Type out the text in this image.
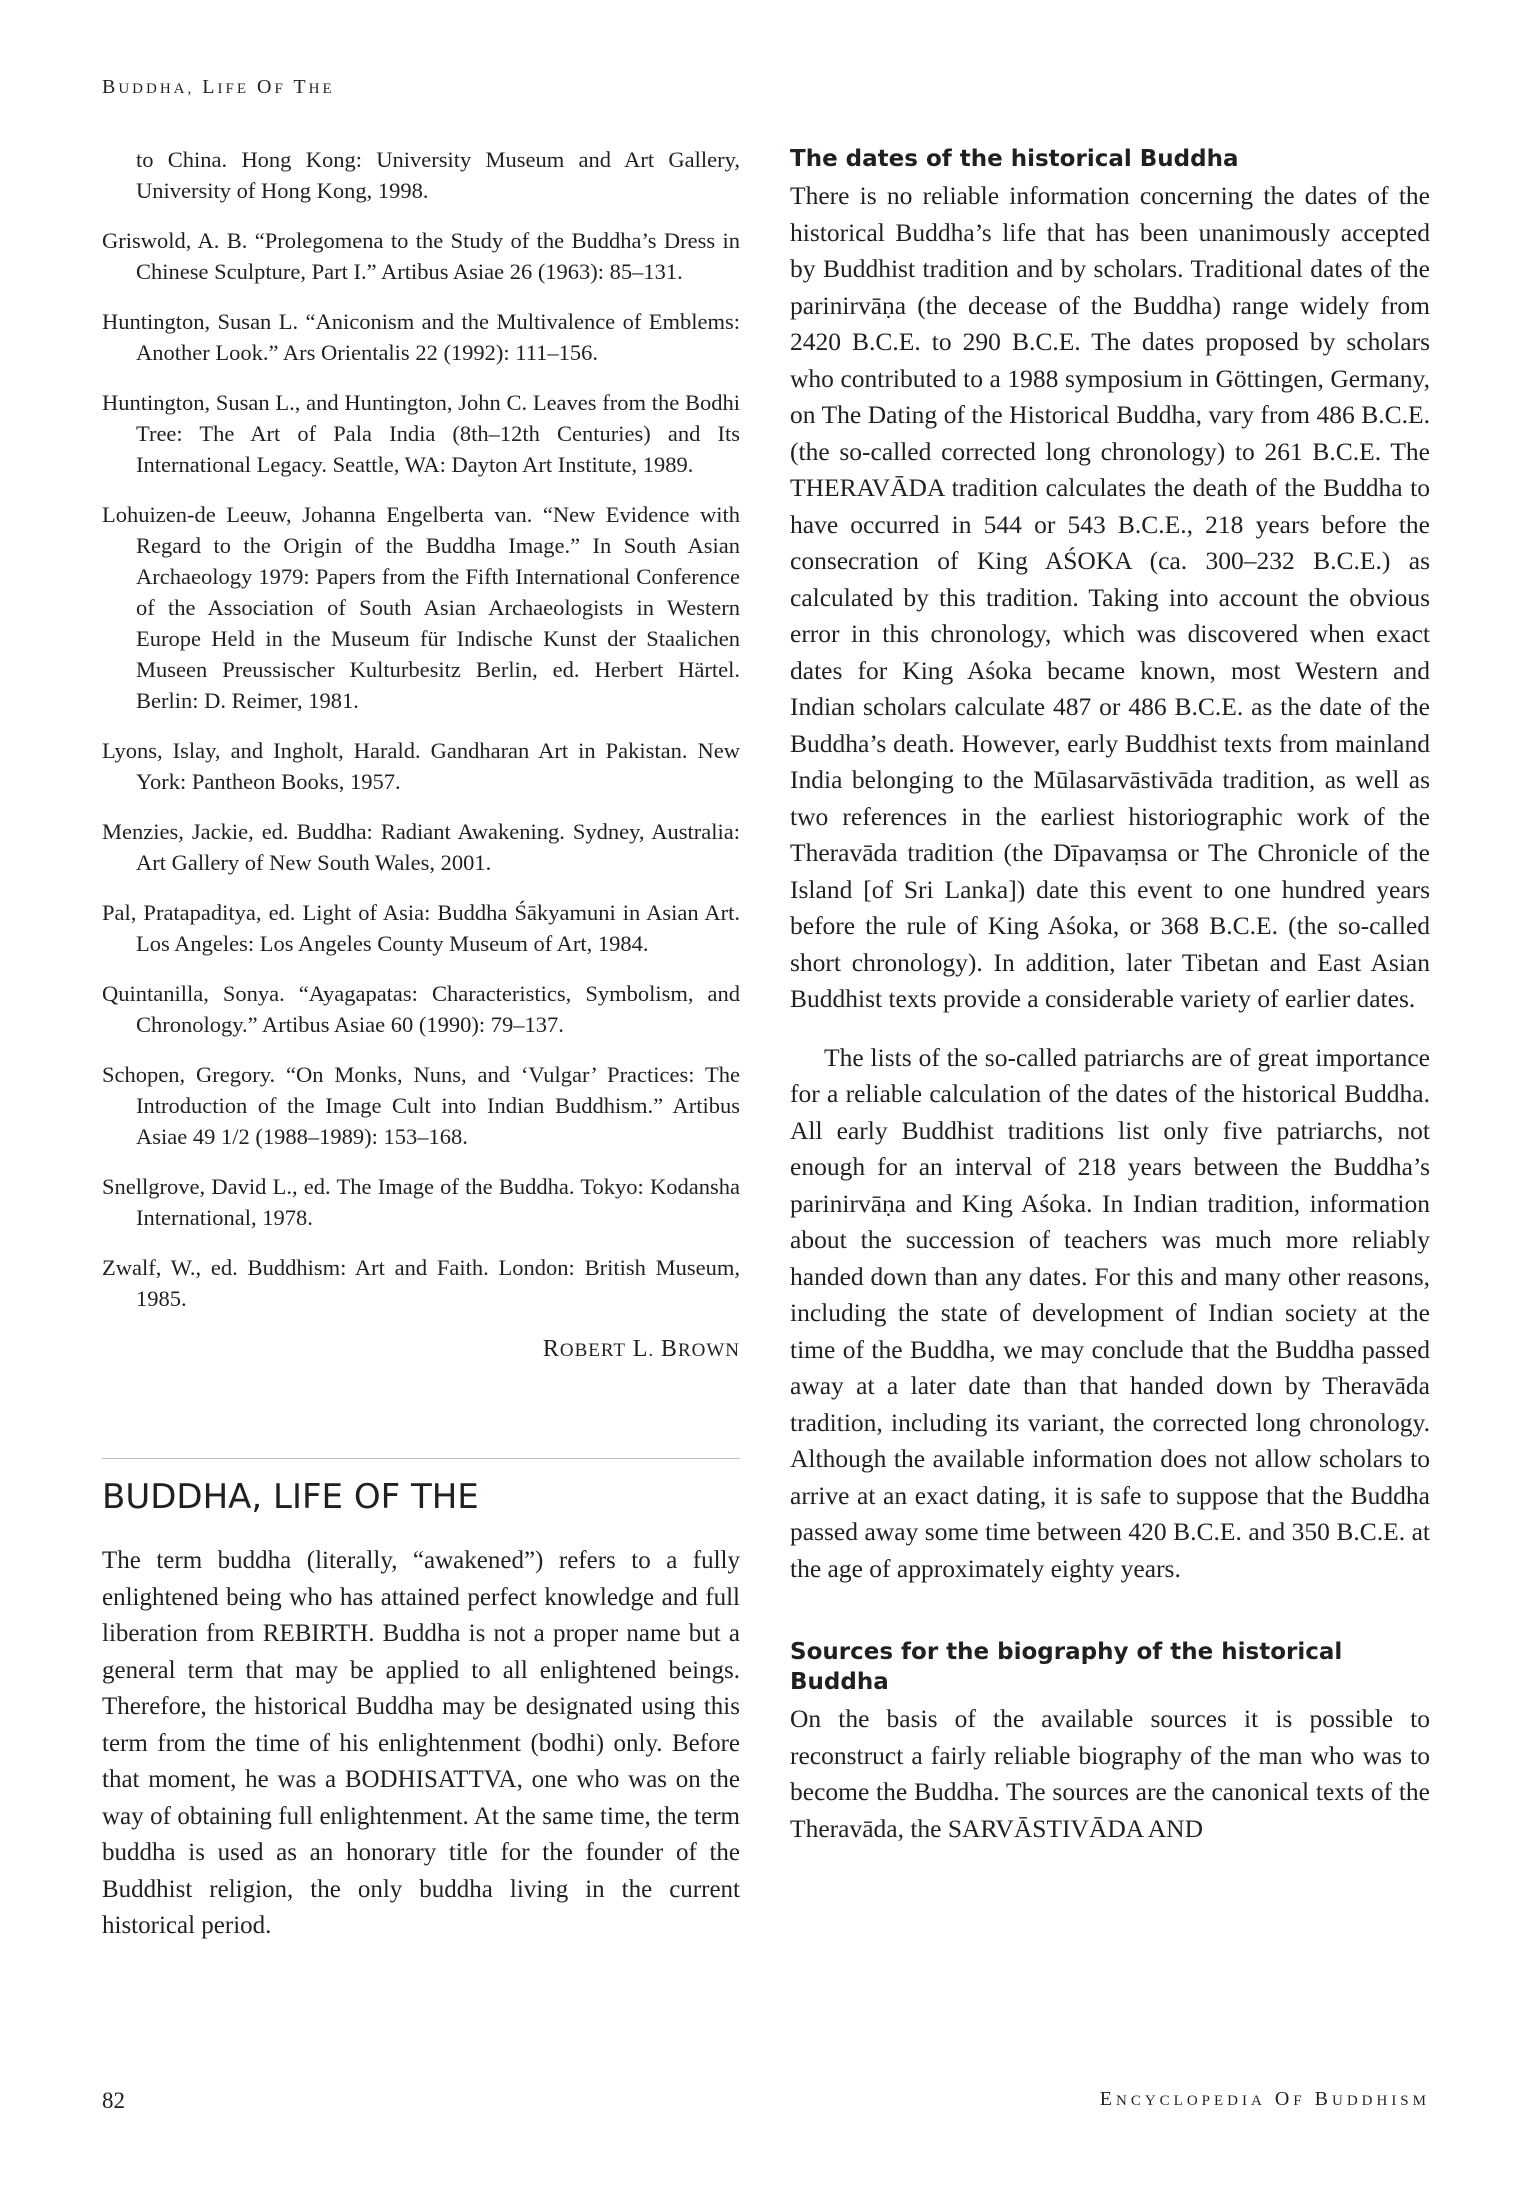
BUDDHA, LIFE OF THE

to China. Hong Kong: University Museum and Art Gallery, University of Hong Kong, 1998.

Griswold, A. B. “Prolegomena to the Study of the Buddha’s Dress in Chinese Sculpture, Part I.” Artibus Asiae 26 (1963): 85–131.

Huntington, Susan L. “Aniconism and the Multivalence of Emblems: Another Look.” Ars Orientalis 22 (1992): 111–156.

Huntington, Susan L., and Huntington, John C. Leaves from the Bodhi Tree: The Art of Pala India (8th–12th Centuries) and Its International Legacy. Seattle, WA: Dayton Art Institute, 1989.

Lohuizen-de Leeuw, Johanna Engelberta van. “New Evidence with Regard to the Origin of the Buddha Image.” In South Asian Archaeology 1979: Papers from the Fifth International Conference of the Association of South Asian Archaeologists in Western Europe Held in the Museum für Indische Kunst der Staalichen Museen Preussischer Kulturbesitz Berlin, ed. Herbert Härtel. Berlin: D. Reimer, 1981.

Lyons, Islay, and Ingholt, Harald. Gandharan Art in Pakistan. New York: Pantheon Books, 1957.

Menzies, Jackie, ed. Buddha: Radiant Awakening. Sydney, Australia: Art Gallery of New South Wales, 2001.

Pal, Pratapaditya, ed. Light of Asia: Buddha Śākyamuni in Asian Art. Los Angeles: Los Angeles County Museum of Art, 1984.

Quintanilla, Sonya. “Ayagapatas: Characteristics, Symbolism, and Chronology.” Artibus Asiae 60 (1990): 79–137.

Schopen, Gregory. “On Monks, Nuns, and ‘Vulgar’ Practices: The Introduction of the Image Cult into Indian Buddhism.” Artibus Asiae 49 1/2 (1988–1989): 153–168.

Snellgrove, David L., ed. The Image of the Buddha. Tokyo: Kodansha International, 1978.

Zwalf, W., ed. Buddhism: Art and Faith. London: British Museum, 1985.

ROBERT L. BROWN

BUDDHA, LIFE OF THE

The term buddha (literally, “awakened”) refers to a fully enlightened being who has attained perfect knowledge and full liberation from REBIRTH. Buddha is not a proper name but a general term that may be applied to all enlightened beings. Therefore, the historical Buddha may be designated using this term from the time of his enlightenment (bodhi) only. Before that moment, he was a BODHISATTVA, one who was on the way of obtaining full enlightenment. At the same time, the term buddha is used as an honorary title for the founder of the Buddhist religion, the only buddha living in the current historical period.

The dates of the historical Buddha

There is no reliable information concerning the dates of the historical Buddha’s life that has been unanimously accepted by Buddhist tradition and by scholars. Traditional dates of the parinirvāṇa (the decease of the Buddha) range widely from 2420 B.C.E. to 290 B.C.E. The dates proposed by scholars who contributed to a 1988 symposium in Göttingen, Germany, on The Dating of the Historical Buddha, vary from 486 B.C.E. (the so-called corrected long chronology) to 261 B.C.E. The THERAVĀDA tradition calculates the death of the Buddha to have occurred in 544 or 543 B.C.E., 218 years before the consecration of King AŚOKA (ca. 300–232 B.C.E.) as calculated by this tradition. Taking into account the obvious error in this chronology, which was discovered when exact dates for King Aśoka became known, most Western and Indian scholars calculate 487 or 486 B.C.E. as the date of the Buddha’s death. However, early Buddhist texts from mainland India belonging to the Mūlasarvāstivāda tradition, as well as two references in the earliest historiographic work of the Theravāda tradition (the Dīpavaṃsa or The Chronicle of the Island [of Sri Lanka]) date this event to one hundred years before the rule of King Aśoka, or 368 B.C.E. (the so-called short chronology). In addition, later Tibetan and East Asian Buddhist texts provide a considerable variety of earlier dates.

The lists of the so-called patriarchs are of great importance for a reliable calculation of the dates of the historical Buddha. All early Buddhist traditions list only five patriarchs, not enough for an interval of 218 years between the Buddha’s parinirvāṇa and King Aśoka. In Indian tradition, information about the succession of teachers was much more reliably handed down than any dates. For this and many other reasons, including the state of development of Indian society at the time of the Buddha, we may conclude that the Buddha passed away at a later date than that handed down by Theravāda tradition, including its variant, the corrected long chronology. Although the available information does not allow scholars to arrive at an exact dating, it is safe to suppose that the Buddha passed away some time between 420 B.C.E. and 350 B.C.E. at the age of approximately eighty years.

Sources for the biography of the historical Buddha

On the basis of the available sources it is possible to reconstruct a fairly reliable biography of the man who was to become the Buddha. The sources are the canonical texts of the Theravāda, the SARVĀSTIVĀDA AND

82	ENCYCLOPEDIA OF BUDDHISM
